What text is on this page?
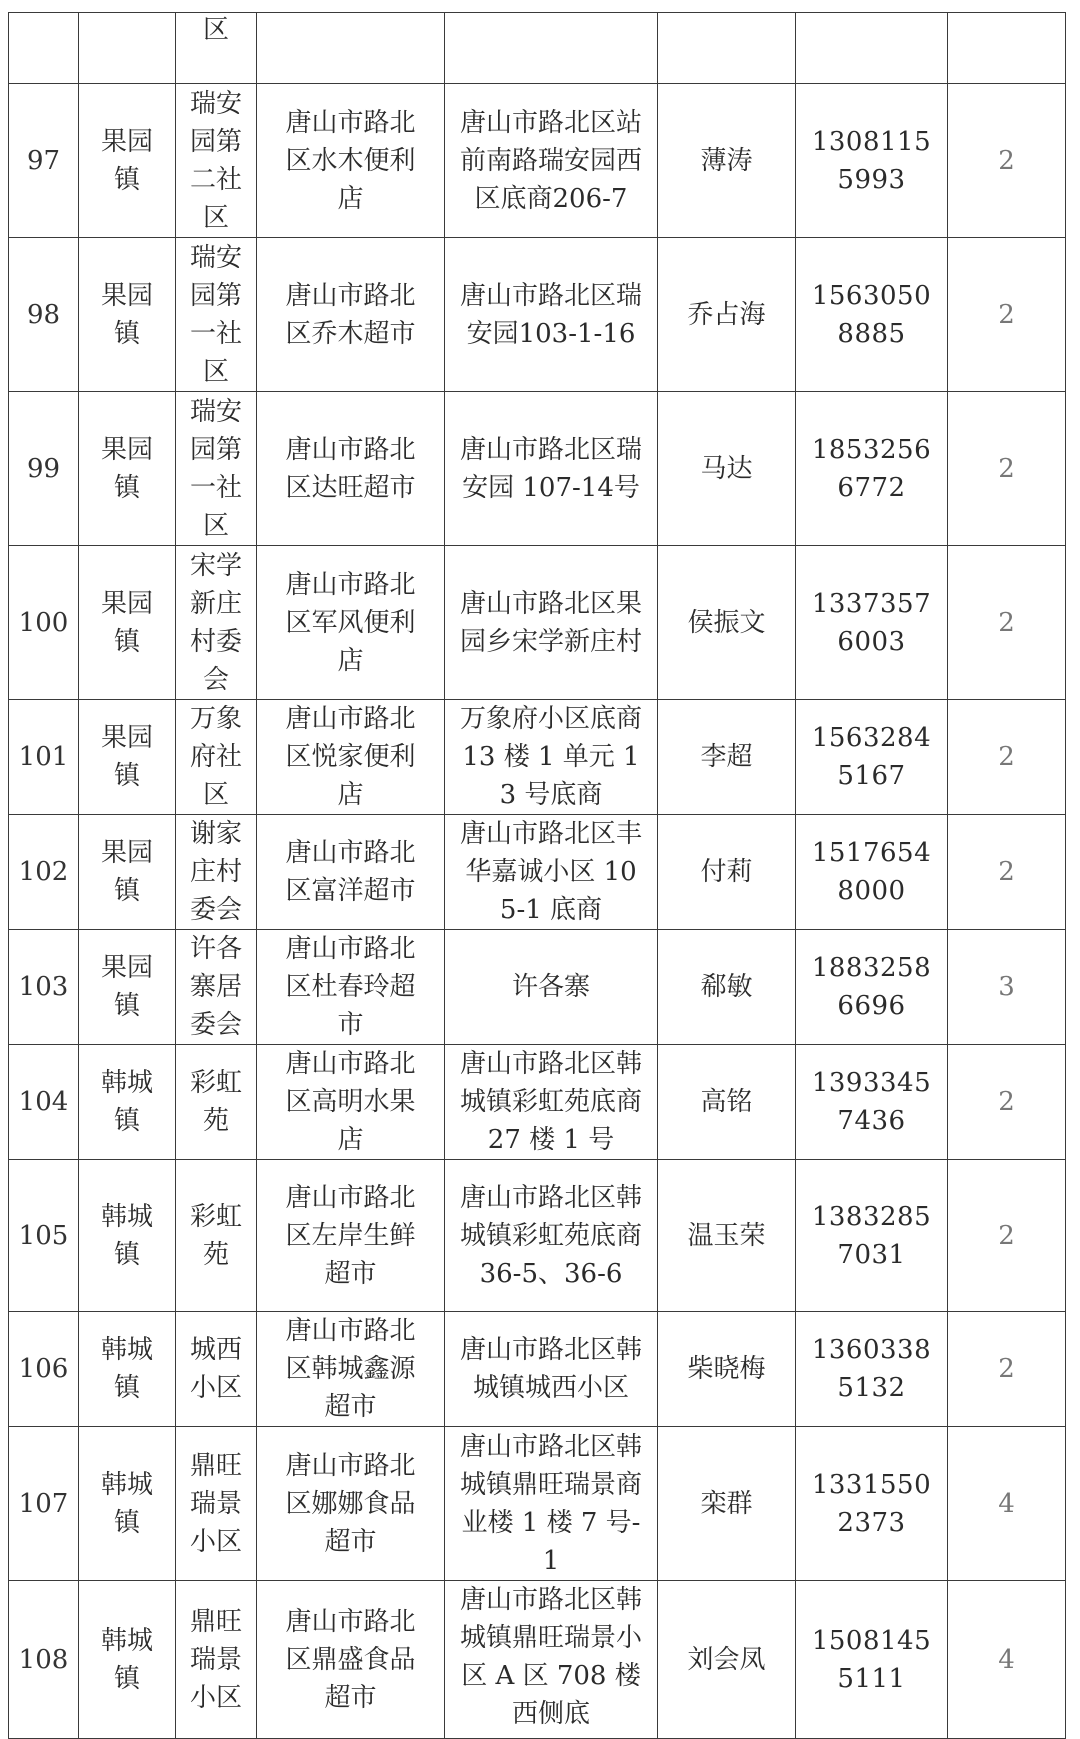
		区					

97	果园镇	瑞安园第二社区	唐山市路北区水木便利店	唐山市路北区站前南路瑞安园西区底商206-7	薄涛	13081155993	2

98	果园镇	瑞安园第一社区	唐山市路北区乔木超市	唐山市路北区瑞安园103-1-16	乔占海	15630508885	2

99	果园镇	瑞安园第一社区	唐山市路北区达旺超市	唐山市路北区瑞安园 107-14号	马达	18532566772	2

100	果园镇	宋学新庄村委会	唐山市路北区军风便利店	唐山市路北区果园乡宋学新庄村	侯振文	13373576003	2

101	果园镇	万象府社区	唐山市路北区悦家便利店	万象府小区底商 13 楼 1 单元 13 号底商	李超	15632845167	2

102	果园镇	谢家庄村委会	唐山市路北区富洋超市	唐山市路北区丰华嘉诚小区 105-1 底商	付莉	15176548000	2

103	果园镇	许各寨居委会	唐山市路北区杜春玲超市	许各寨	郗敏	18832586696	3

104	韩城镇	彩虹苑	唐山市路北区高明水果店	唐山市路北区韩城镇彩虹苑底商 27 楼 1 号	高铭	13933457436	2

105	韩城镇	彩虹苑	唐山市路北区左岸生鲜超市	唐山市路北区韩城镇彩虹苑底商 36-5、36-6	温玉荣	13832857031	2

106	韩城镇	城西小区	唐山市路北区韩城鑫源超市	唐山市路北区韩城镇城西小区	柴晓梅	13603385132	2

107	韩城镇	鼎旺瑞景小区	唐山市路北区娜娜食品超市	唐山市路北区韩城镇鼎旺瑞景商业楼 1 楼 7 号-1	栾群	13315502373	4

108	韩城镇	鼎旺瑞景小区	唐山市路北区鼎盛食品超市	唐山市路北区韩城镇鼎旺瑞景小区 A 区 708 楼西侧底	刘会凤	15081455111	4
